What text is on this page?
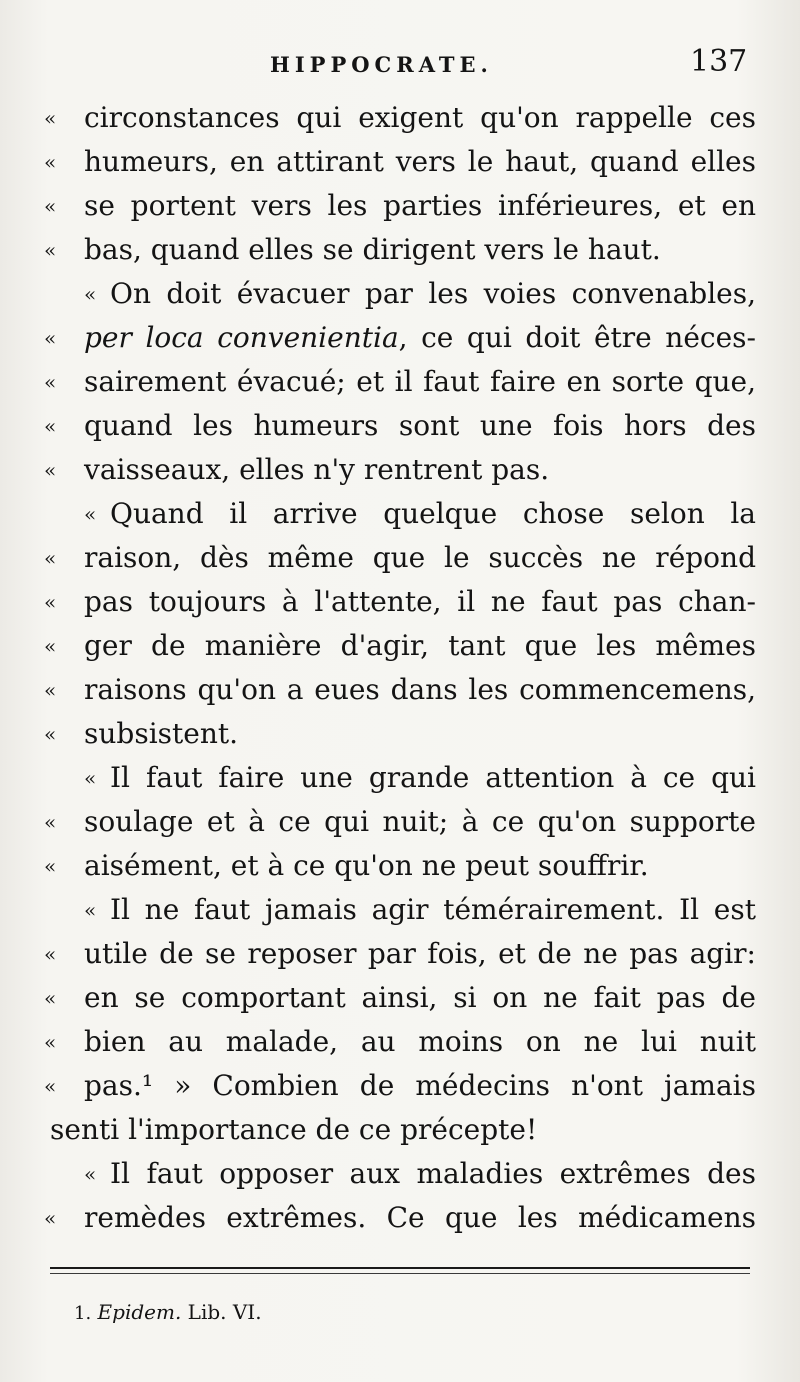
HIPPOCRATE.	137
« circonstances qui exigent qu'on rappelle ces
« humeurs, en attirant vers le haut, quand elles
« se portent vers les parties inférieures, et en
« bas, quand elles se dirigent vers le haut.
« On doit évacuer par les voies convenables,
« per loca convenientia, ce qui doit être néces-
« sairement évacué; et il faut faire en sorte que,
« quand les humeurs sont une fois hors des
« vaisseaux, elles n'y rentrent pas.
« Quand il arrive quelque chose selon la
« raison, dès même que le succès ne répond
« pas toujours à l'attente, il ne faut pas chan-
« ger de manière d'agir, tant que les mêmes
« raisons qu'on a eues dans les commencemens,
« subsistent.
« Il faut faire une grande attention à ce qui
« soulage et à ce qui nuit; à ce qu'on supporte
« aisément, et à ce qu'on ne peut souffrir.
« Il ne faut jamais agir témérairement. Il est
« utile de se reposer par fois, et de ne pas agir:
« en se comportant ainsi, si on ne fait pas de
« bien au malade, au moins on ne lui nuit
« pas.¹ » Combien de médecins n'ont jamais
senti l'importance de ce précepte!
« Il faut opposer aux maladies extrêmes des
« remèdes extrêmes. Ce que les médicamens
1. Epidem. Lib. VI.
